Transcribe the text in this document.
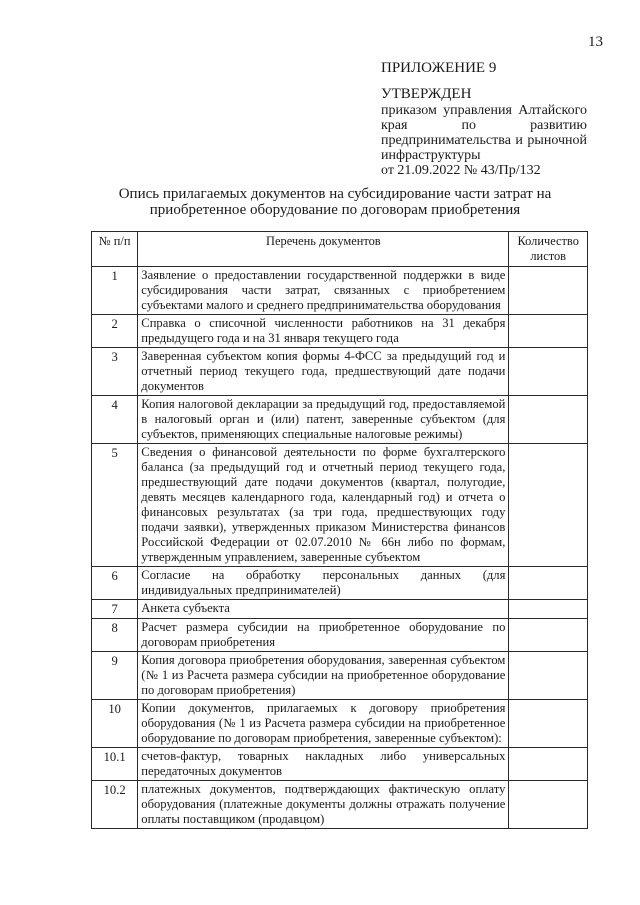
13
ПРИЛОЖЕНИЕ 9
УТВЕРЖДЕН
приказом управления Алтайского края по развитию предпринимательства и рыночной инфраструктуры
от 21.09.2022 № 43/Пр/132
Опись прилагаемых документов на субсидирование части затрат на приобретенное оборудование по договорам приобретения
№ п/п	Перечень документов	Количество листов
1	Заявление о предоставлении государственной поддержки в виде субсидирования части затрат, связанных с приобретением субъектами малого и среднего предпринимательства оборудования	
2	Справка о списочной численности работников на 31 декабря предыдущего года и на 31 января текущего года	
3	Заверенная субъектом копия формы 4-ФСС за предыдущий год и отчетный период текущего года, предшествующий дате подачи документов	
4	Копия налоговой декларации за предыдущий год, предоставляемой в налоговый орган и (или) патент, заверенные субъектом (для субъектов, применяющих специальные налоговые режимы)	
5	Сведения о финансовой деятельности по форме бухгалтерского баланса (за предыдущий год и отчетный период текущего года, предшествующий дате подачи документов (квартал, полугодие, девять месяцев календарного года, календарный год) и отчета о финансовых результатах (за три года, предшествующих году подачи заявки), утвержденных приказом Министерства финансов Российской Федерации от 02.07.2010 № 66н либо по формам, утвержденным управлением, заверенные субъектом	
6	Согласие на обработку персональных данных (для индивидуальных предпринимателей)	
7	Анкета субъекта	
8	Расчет размера субсидии на приобретенное оборудование по договорам приобретения	
9	Копия договора приобретения оборудования, заверенная субъектом (№ 1 из Расчета размера субсидии на приобретенное оборудование по договорам приобретения)	
10	Копии документов, прилагаемых к договору приобретения оборудования (№ 1 из Расчета размера субсидии на приобретенное оборудование по договорам приобретения, заверенные субъектом):	
10.1	счетов-фактур, товарных накладных либо универсальных передаточных документов	
10.2	платежных документов, подтверждающих фактическую оплату оборудования (платежные документы должны отражать получение оплаты поставщиком (продавцом)	
